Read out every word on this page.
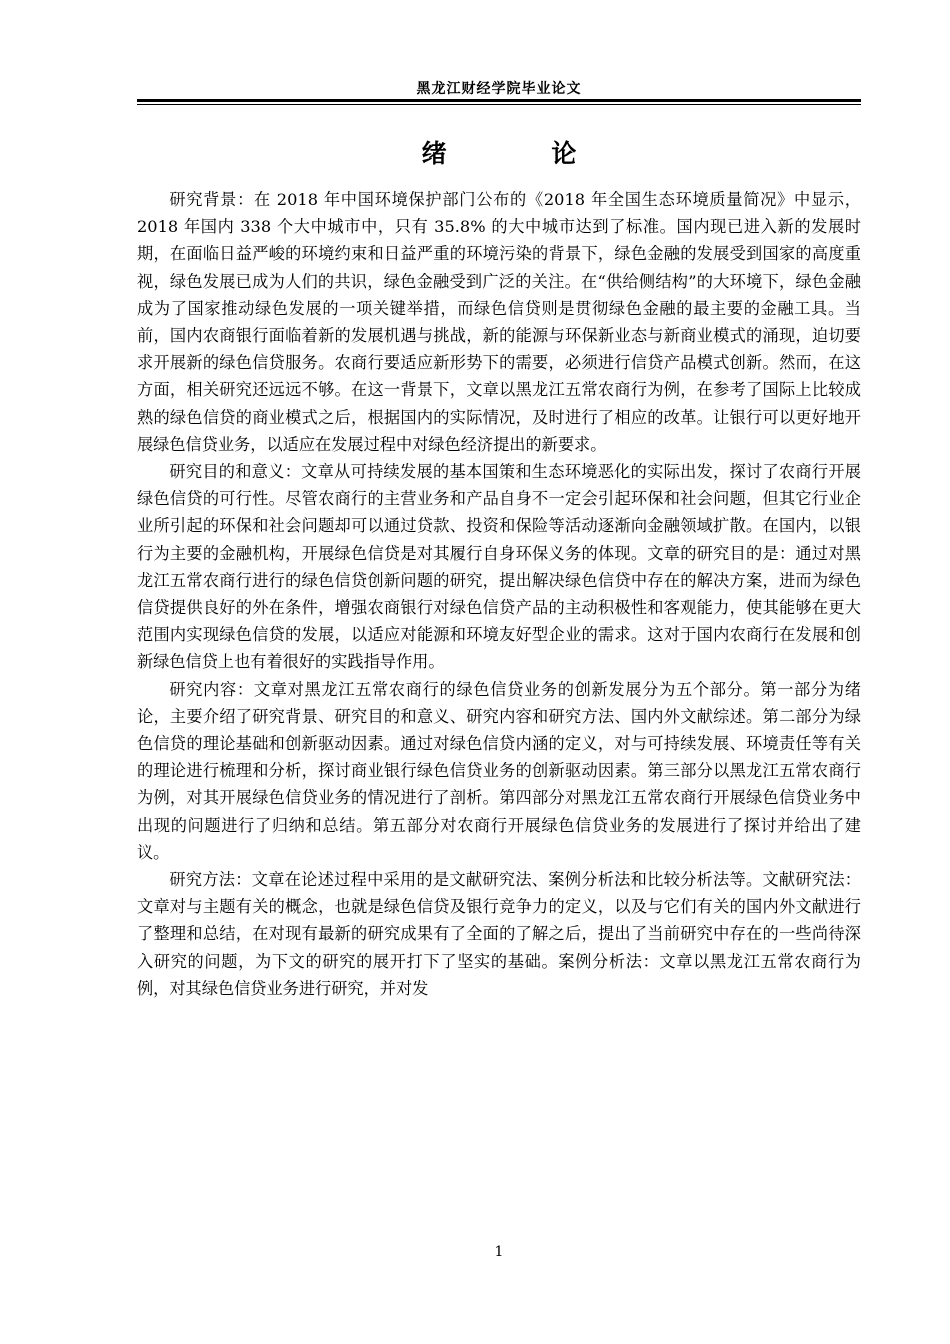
黑龙江财经学院毕业论文
绪 论

研究背景：在 2018 年中国环境保护部门公布的《2018 年全国生态环境质量简况》中显示，2018 年国内 338 个大中城市中，只有 35.8% 的大中城市达到了标准。国内现已进入新的发展时期，在面临日益严峻的环境约束和日益严重的环境污染的背景下，绿色金融的发展受到国家的高度重视，绿色发展已成为人们的共识，绿色金融受到广泛的关注。在“供给侧结构”的大环境下，绿色金融成为了国家推动绿色发展的一项关键举措，而绿色信贷则是贯彻绿色金融的最主要的金融工具。当前，国内农商银行面临着新的发展机遇与挑战，新的能源与环保新业态与新商业模式的涌现，迫切要求开展新的绿色信贷服务。农商行要适应新形势下的需要，必须进行信贷产品模式创新。然而，在这方面，相关研究还远远不够。在这一背景下，文章以黑龙江五常农商行为例，在参考了国际上比较成熟的绿色信贷的商业模式之后，根据国内的实际情况，及时进行了相应的改革。让银行可以更好地开展绿色信贷业务，以适应在发展过程中对绿色经济提出的新要求。

研究目的和意义：文章从可持续发展的基本国策和生态环境恶化的实际出发，探讨了农商行开展绿色信贷的可行性。尽管农商行的主营业务和产品自身不一定会引起环保和社会问题，但其它行业企业所引起的环保和社会问题却可以通过贷款、投资和保险等活动逐渐向金融领域扩散。在国内，以银行为主要的金融机构，开展绿色信贷是对其履行自身环保义务的体现。文章的研究目的是：通过对黑龙江五常农商行进行的绿色信贷创新问题的研究，提出解决绿色信贷中存在的解决方案，进而为绿色信贷提供良好的外在条件，增强农商银行对绿色信贷产品的主动积极性和客观能力，使其能够在更大范围内实现绿色信贷的发展，以适应对能源和环境友好型企业的需求。这对于国内农商行在发展和创新绿色信贷上也有着很好的实践指导作用。

研究内容：文章对黑龙江五常农商行的绿色信贷业务的创新发展分为五个部分。第一部分为绪论，主要介绍了研究背景、研究目的和意义、研究内容和研究方法、国内外文献综述。第二部分为绿色信贷的理论基础和创新驱动因素。通过对绿色信贷内涵的定义，对与可持续发展、环境责任等有关的理论进行梳理和分析，探讨商业银行绿色信贷业务的创新驱动因素。第三部分以黑龙江五常农商行为例，对其开展绿色信贷业务的情况进行了剖析。第四部分对黑龙江五常农商行开展绿色信贷业务中出现的问题进行了归纳和总结。第五部分对农商行开展绿色信贷业务的发展进行了探讨并给出了建议。

研究方法：文章在论述过程中采用的是文献研究法、案例分析法和比较分析法等。文献研究法：文章对与主题有关的概念，也就是绿色信贷及银行竞争力的定义，以及与它们有关的国内外文献进行了整理和总结，在对现有最新的研究成果有了全面的了解之后，提出了当前研究中存在的一些尚待深入研究的问题，为下文的研究的展开打下了坚实的基础。案例分析法：文章以黑龙江五常农商行为例，对其绿色信贷业务进行研究，并对发

1
